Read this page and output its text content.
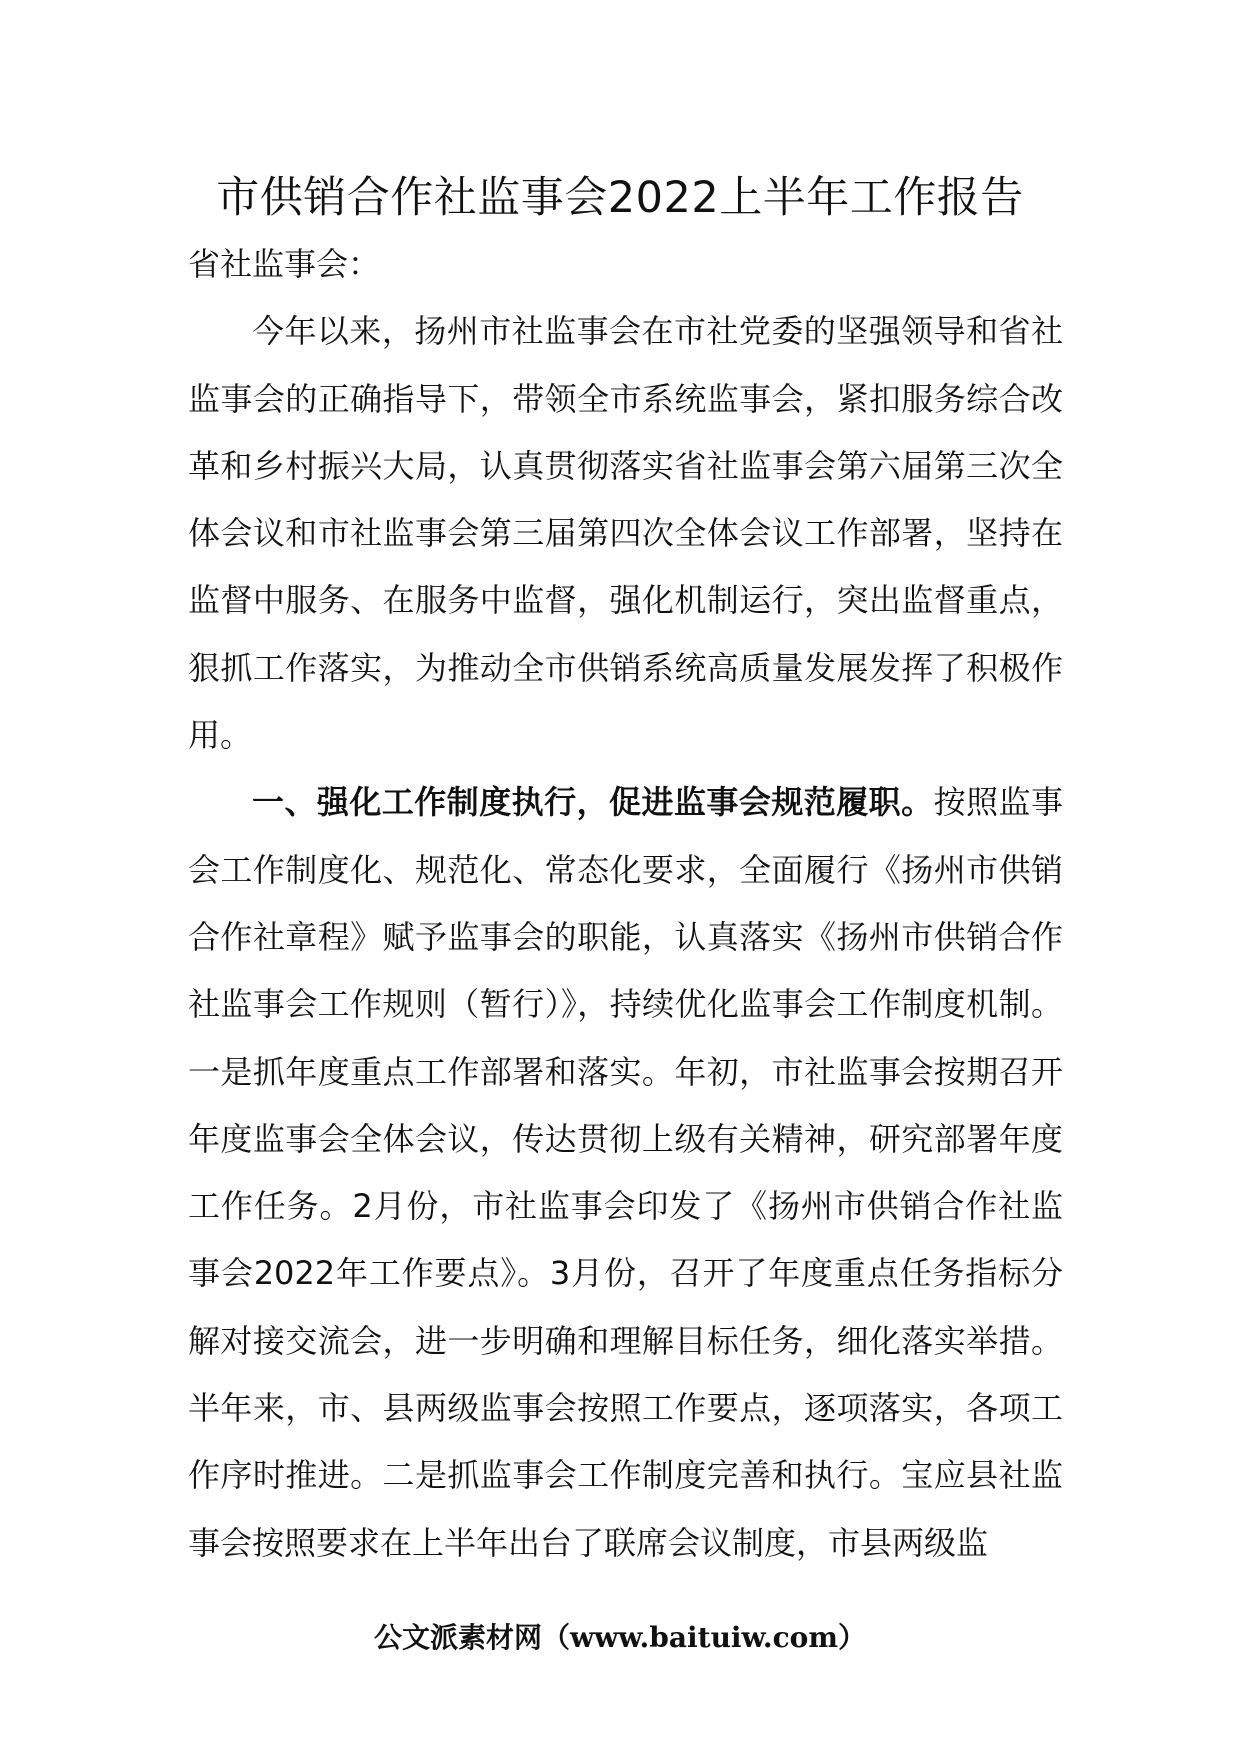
市供销合作社监事会2022上半年工作报告

省社监事会：

今年以来，扬州市社监事会在市社党委的坚强领导和省社监事会的正确指导下，带领全市系统监事会，紧扣服务综合改革和乡村振兴大局，认真贯彻落实省社监事会第六届第三次全体会议和市社监事会第三届第四次全体会议工作部署，坚持在监督中服务、在服务中监督，强化机制运行，突出监督重点，狠抓工作落实，为推动全市供销系统高质量发展发挥了积极作用。

一、强化工作制度执行，促进监事会规范履职。按照监事会工作制度化、规范化、常态化要求，全面履行《扬州市供销合作社章程》赋予监事会的职能，认真落实《扬州市供销合作社监事会工作规则（暂行）》，持续优化监事会工作制度机制。一是抓年度重点工作部署和落实。年初，市社监事会按期召开年度监事会全体会议，传达贯彻上级有关精神，研究部署年度工作任务。2月份，市社监事会印发了《扬州市供销合作社监事会2022年工作要点》。3月份，召开了年度重点任务指标分解对接交流会，进一步明确和理解目标任务，细化落实举措。半年来，市、县两级监事会按照工作要点，逐项落实，各项工作序时推进。二是抓监事会工作制度完善和执行。宝应县社监事会按照要求在上半年出台了联席会议制度，市县两级监

公文派素材网（www.baituiw.com）
